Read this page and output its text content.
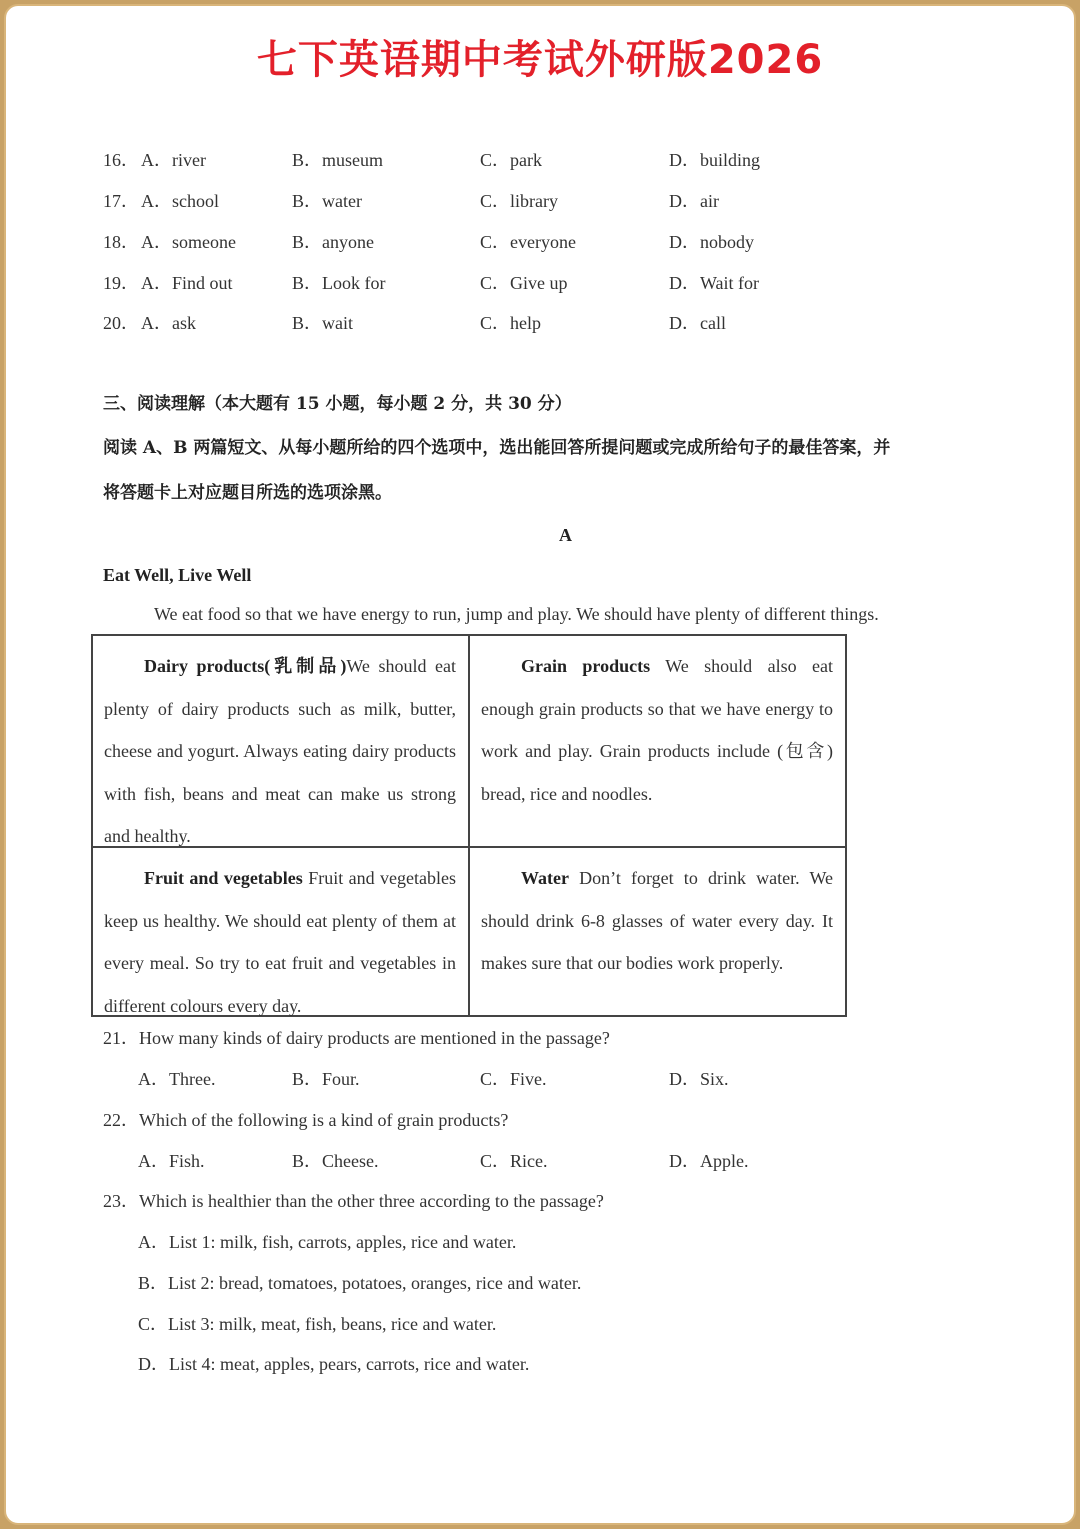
七下英语期中考试外研版2026
16． A．river	B．museum	C．park	D．building
17． A．school	B．water	C．library	D．air
18． A．someone	B．anyone	C．everyone	D．nobody
19． A．Find out	B．Look for	C．Give up	D．Wait for
20． A．ask	B．wait	C．help	D．call
三、阅读理解（本大题有 15 小题，每小题 2 分，共 30 分）
阅读 A、B 两篇短文、从每小题所给的四个选项中，选出能回答所提问题或完成所给句子的最佳答案，并
将答题卡上对应题目所选的选项涂黑。
A
Eat Well, Live Well
We eat food so that we have energy to run, jump and play. We should have plenty of different things.
Dairy products(乳制品)We should eat plenty of dairy products such as milk, butter, cheese and yogurt. Always eating dairy products with fish, beans and meat can make us strong and healthy.	Grain products We should also eat enough grain products so that we have energy to work and play. Grain products include (包含) bread, rice and noodles.

Fruit and vegetables Fruit and vegetables keep us healthy. We should eat plenty of them at every meal. So try to eat fruit and vegetables in different colours every day.	Water Don’t forget to drink water. We should drink 6-8 glasses of water every day. It makes sure that our bodies work properly.
21．How many kinds of dairy products are mentioned in the passage?
A．Three.	B．Four.	C．Five.	D．Six.
22．Which of the following is a kind of grain products?
A．Fish.	B．Cheese.	C．Rice.	D．Apple.
23．Which is healthier than the other three according to the passage?
A．List 1: milk, fish, carrots, apples, rice and water.
B．List 2: bread, tomatoes, potatoes, oranges, rice and water.
C．List 3: milk, meat, fish, beans, rice and water.
D．List 4: meat, apples, pears, carrots, rice and water.
